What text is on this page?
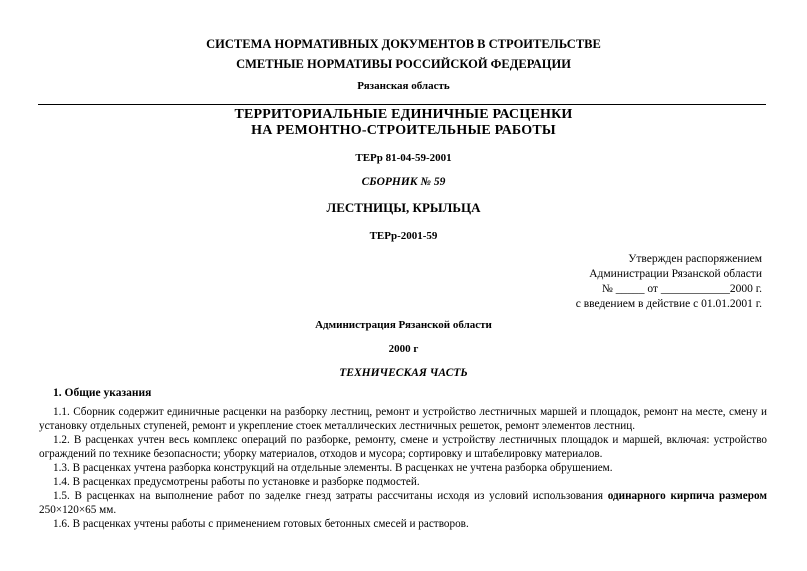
СИСТЕМА НОРМАТИВНЫХ ДОКУМЕНТОВ В СТРОИТЕЛЬСТВЕ
СМЕТНЫЕ НОРМАТИВЫ РОССИЙСКОЙ ФЕДЕРАЦИИ
Рязанская область
ТЕРРИТОРИАЛЬНЫЕ ЕДИНИЧНЫЕ РАСЦЕНКИ
НА РЕМОНТНО-СТРОИТЕЛЬНЫЕ РАБОТЫ
ТЕРр 81-04-59-2001
СБОРНИК № 59
ЛЕСТНИЦЫ, КРЫЛЬЦА
ТЕРр-2001-59
Утвержден распоряжением
Администрации Рязанской области
№ _____ от ____________2000 г.
с введением в действие с 01.01.2001 г.
Администрация Рязанской области
2000 г
ТЕХНИЧЕСКАЯ ЧАСТЬ
1. Общие указания

1.1. Сборник содержит единичные расценки на разборку лестниц, ремонт и устройство лестничных маршей и площадок, ремонт на месте, смену и установку отдельных ступеней, ремонт и укрепление стоек металлических лестничных решеток, ремонт элементов лестниц.

1.2. В расценках учтен весь комплекс операций по разборке, ремонту, смене и устройству лестничных площадок и маршей, включая: устройство ограждений по технике безопасности; уборку материалов, отходов и мусора; сортировку и штабелировку материалов.

1.3. В расценках учтена разборка конструкций на отдельные элементы. В расценках не учтена разборка обрушением.

1.4. В расценках предусмотрены работы по установке и разборке подмостей.

1.5. В расценках на выполнение работ по заделке гнезд затраты рассчитаны исходя из условий использования одинарного кирпича размером 250×120×65 мм.

1.6. В расценках учтены работы с применением готовых бетонных смесей и растворов.
